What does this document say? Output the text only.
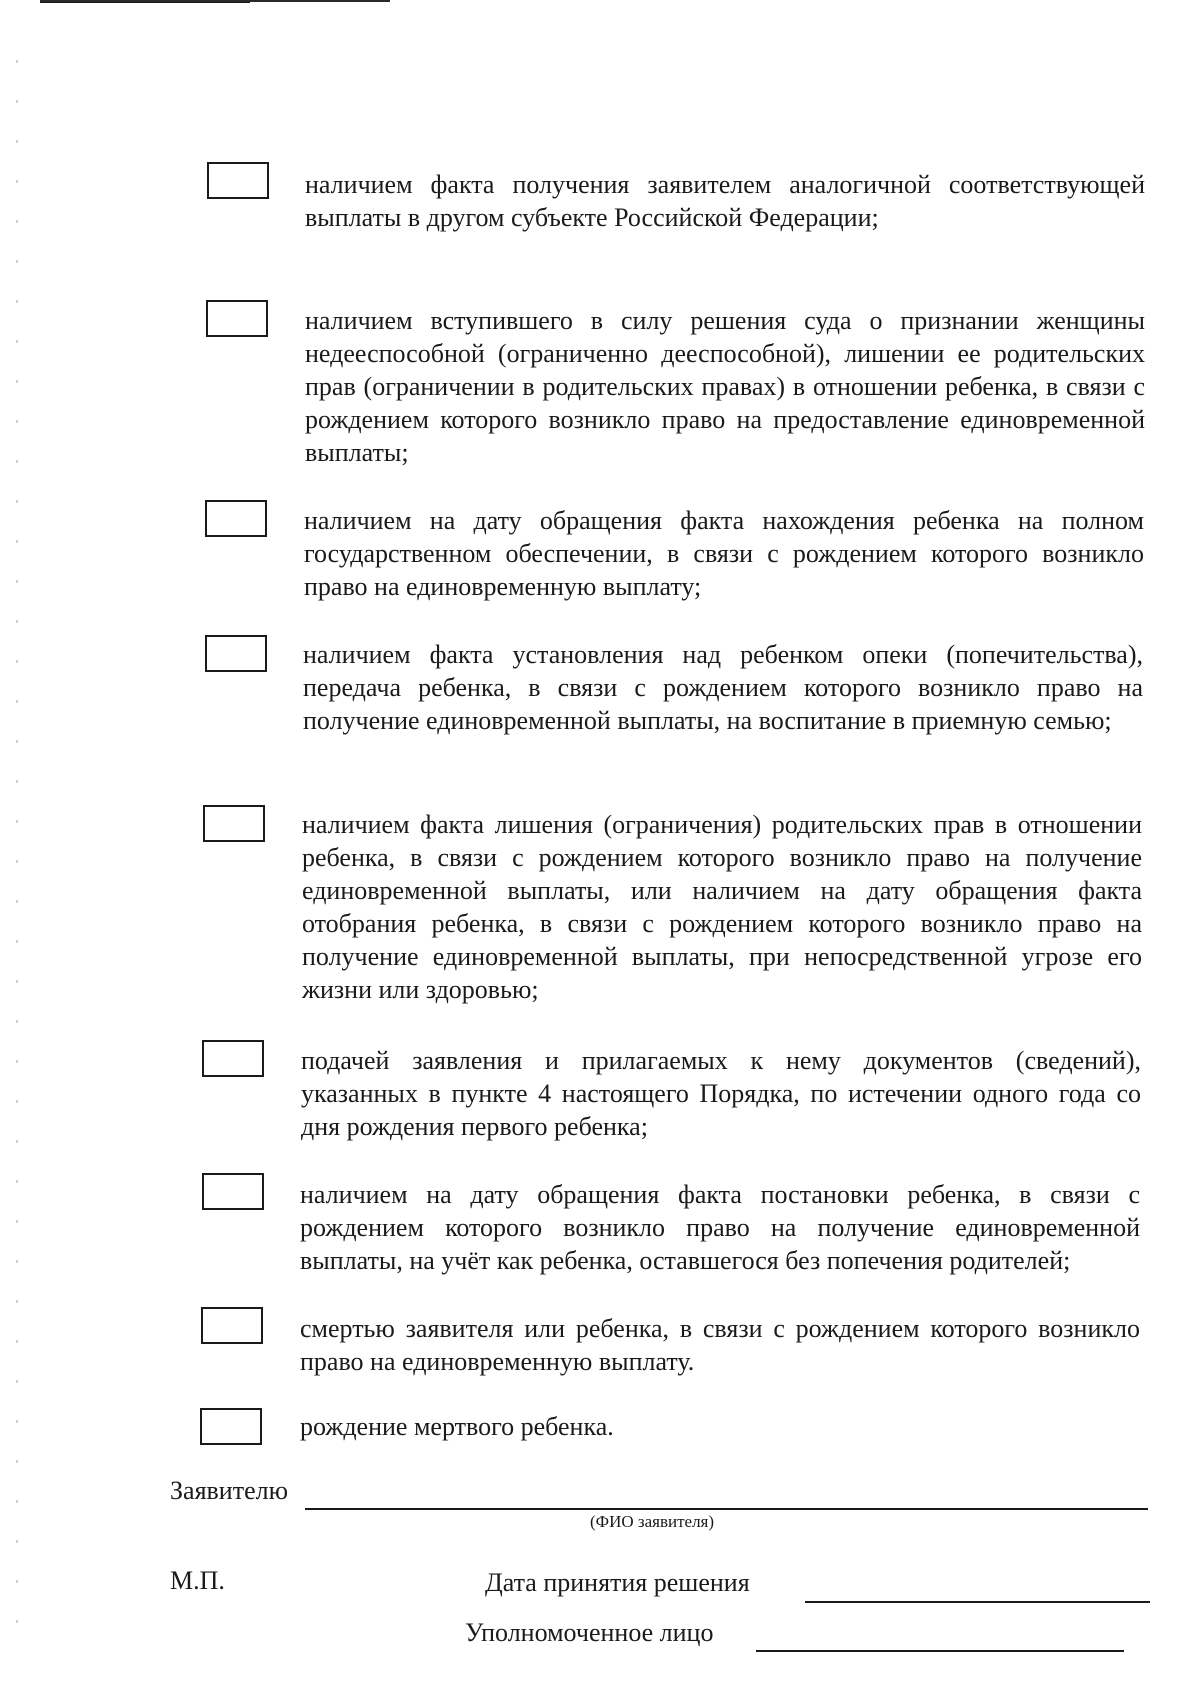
наличием факта получения заявителем аналогичной соответствующей выплаты в другом субъекте Российской Федерации;
наличием вступившего в силу решения суда о признании женщины недееспособной (ограниченно дееспособной), лишении ее родительских прав (ограничении в родительских правах) в отношении ребенка, в связи с рождением которого возникло право на предоставление единовременной выплаты;
наличием на дату обращения факта нахождения ребенка на полном государственном обеспечении, в связи с рождением которого возникло право на единовременную выплату;
наличием факта установления над ребенком опеки (попечительства), передача ребенка, в связи с рождением которого возникло право на получение единовременной выплаты, на воспитание в приемную семью;
наличием факта лишения (ограничения) родительских прав в отношении ребенка, в связи с рождением которого возникло право на получение единовременной выплаты, или наличием на дату обращения факта отобрания ребенка, в связи с рождением которого возникло право на получение единовременной выплаты, при непосредственной угрозе его жизни или здоровью;
подачей заявления и прилагаемых к нему документов (сведений), указанных в пункте 4 настоящего Порядка, по истечении одного года со дня рождения первого ребенка;
наличием на дату обращения факта постановки ребенка, в связи с рождением которого возникло право на получение единовременной выплаты, на учёт как ребенка, оставшегося без попечения родителей;
смертью заявителя или ребенка, в связи с рождением которого возникло право на единовременную выплату.
рождение мертвого ребенка.
Заявителю
(ФИО заявителя)
М.П.	Дата принятия решения
Уполномоченное лицо
